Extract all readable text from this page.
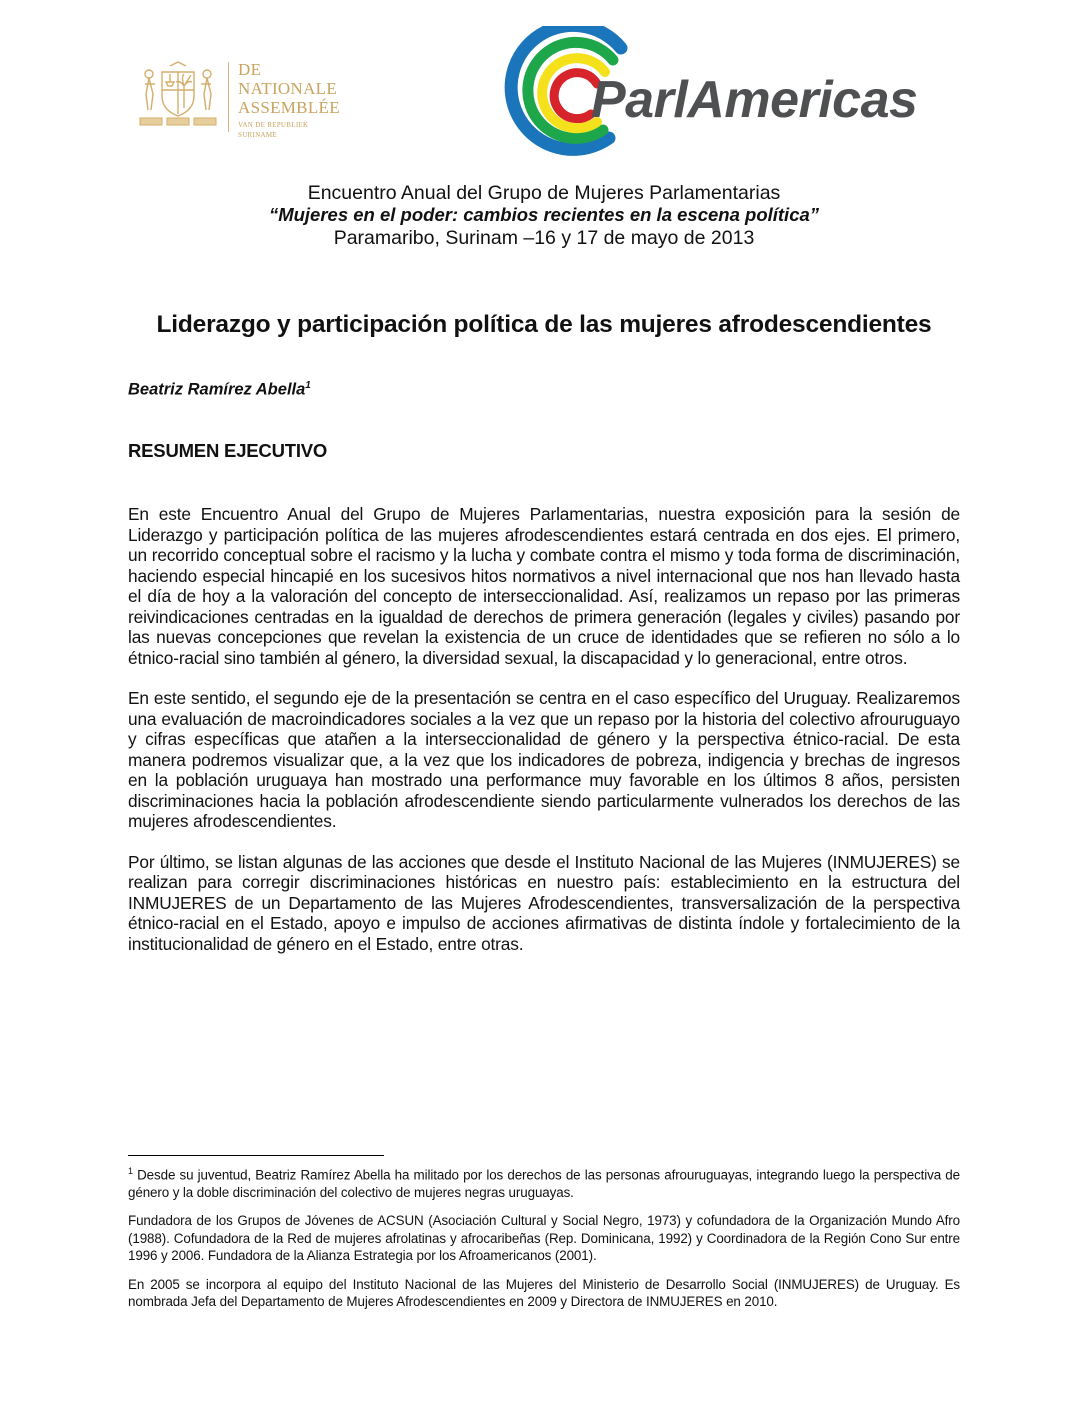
DE
NATIONALE
ASSEMBLÉE
VAN DE REPUBLIEK SURINAME
ParlAmericas
Encuentro Anual del Grupo de Mujeres Parlamentarias
“Mujeres en el poder: cambios recientes en la escena política”
Paramaribo, Surinam –16 y 17 de mayo de 2013
Liderazgo y participación política de las mujeres afrodescendientes
Beatriz Ramírez Abella$^1$
RESUMEN EJECUTIVO

En este Encuentro Anual del Grupo de Mujeres Parlamentarias, nuestra exposición para la sesión de Liderazgo y participación política de las mujeres afrodescendientes estará centrada en dos ejes. El primero, un recorrido conceptual sobre el racismo y la lucha y combate contra el mismo y toda forma de discriminación, haciendo especial hincapié en los sucesivos hitos normativos a nivel internacional que nos han llevado hasta el día de hoy a la valoración del concepto de interseccionalidad. Así, realizamos un repaso por las primeras reivindicaciones centradas en la igualdad de derechos de primera generación (legales y civiles) pasando por las nuevas concepciones que revelan la existencia de un cruce de identidades que se refieren no sólo a lo étnico-racial sino también al género, la diversidad sexual, la discapacidad y lo generacional, entre otros.

En este sentido, el segundo eje de la presentación se centra en el caso específico del Uruguay. Realizaremos una evaluación de macroindicadores sociales a la vez que un repaso por la historia del colectivo afrouruguayo y cifras específicas que atañen a la interseccionalidad de género y la perspectiva étnico-racial. De esta manera podremos visualizar que, a la vez que los indicadores de pobreza, indigencia y brechas de ingresos en la población uruguaya han mostrado una performance muy favorable en los últimos 8 años, persisten discriminaciones hacia la población afrodescendiente siendo particularmente vulnerados los derechos de las mujeres afrodescendientes.

Por último, se listan algunas de las acciones que desde el Instituto Nacional de las Mujeres (INMUJERES) se realizan para corregir discriminaciones históricas en nuestro país: establecimiento en la estructura del INMUJERES de un Departamento de las Mujeres Afrodescendientes, transversalización de la perspectiva étnico-racial en el Estado, apoyo e impulso de acciones afirmativas de distinta índole y fortalecimiento de la institucionalidad de género en el Estado, entre otras.

$^1$ Desde su juventud, Beatriz Ramírez Abella ha militado por los derechos de las personas afrouruguayas, integrando luego la perspectiva de género y la doble discriminación del colectivo de mujeres negras uruguayas.

Fundadora de los Grupos de Jóvenes de ACSUN (Asociación Cultural y Social Negro, 1973) y cofundadora de la Organización Mundo Afro (1988). Cofundadora de la Red de mujeres afrolatinas y afrocaribeñas (Rep. Dominicana, 1992) y Coordinadora de la Región Cono Sur entre 1996 y 2006. Fundadora de la Alianza Estrategia por los Afroamericanos (2001).

En 2005 se incorpora al equipo del Instituto Nacional de las Mujeres del Ministerio de Desarrollo Social (INMUJERES) de Uruguay. Es nombrada Jefa del Departamento de Mujeres Afrodescendientes en 2009 y Directora de INMUJERES en 2010.
